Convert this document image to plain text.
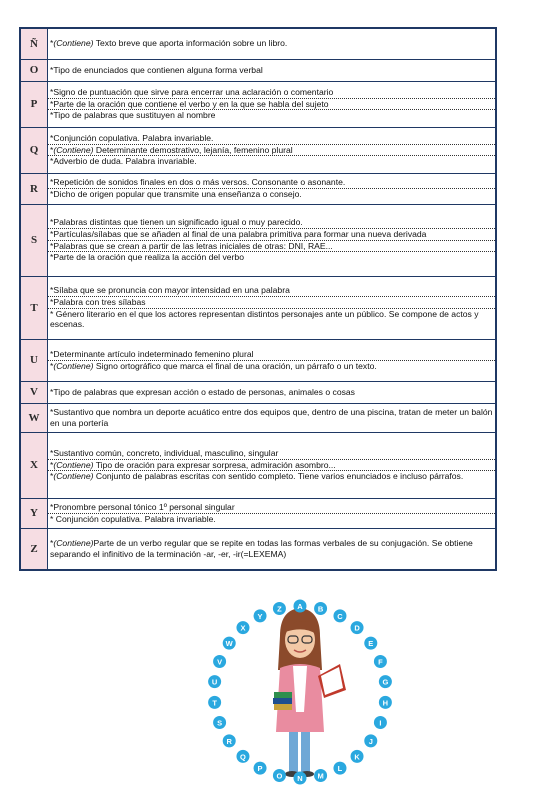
Ñ	*(Contiene) Texto breve que aporta información sobre un libro.

O	*Tipo de enunciados que contienen alguna forma verbal

P	*Signo de puntuación que sirve para encerrar una aclaración o comentario
*Parte de la oración que contiene el verbo y en la que se habla del sujeto
*Tipo de palabras que sustituyen al nombre

Q	*Conjunción copulativa. Palabra invariable.
*(Contiene) Determinante demostrativo, lejanía, femenino plural
*Adverbio de duda. Palabra invariable.

R	*Repetición de sonidos finales en dos o más versos. Consonante o asonante.
*Dicho de origen popular que transmite una enseñanza o consejo.

S	*Palabras distintas que tienen un significado igual o muy parecido.
*Partículas/sílabas que se añaden al final de una palabra primitiva para formar una nueva derivada
*Palabras que se crean a partir de las letras iniciales de otras: DNI, RAE...
*Parte de la oración que realiza la acción del verbo

T	*Sílaba que se pronuncia con mayor intensidad en una palabra
*Palabra con tres sílabas
* Género literario en el que los actores representan distintos personajes ante un público. Se compone de actos y escenas.

U	*Determinante artículo indeterminado femenino plural
*(Contiene) Signo ortográfico que marca el final de una oración, un párrafo o un texto.

V	*Tipo de palabras que expresan acción o estado de personas, animales o cosas

W	*Sustantivo que nombra un deporte acuático entre dos equipos que, dentro de una piscina, tratan de meter un balón en una portería

X	*Sustantivo común, concreto, individual, masculino, singular
*(Contiene) Tipo de oración para expresar sorpresa, admiración asombro...
*(Contiene) Conjunto de palabras escritas con sentido completo. Tiene varios enunciados e incluso párrafos.

Y	*Pronombre personal tónico 1º personal singular
* Conjunción copulativa. Palabra invariable.

Z	*(Contiene)Parte de un verbo regular que se repite en todas las formas verbales de su conjugación. Se obtiene separando el infinitivo de la terminación -ar, -er, -ir(=LEXEMA)
A B
C
D
E
F
G
H
I
J
K
L
M
N
O
P
Q
R
S
T
U
V
W
X
Y
Z
